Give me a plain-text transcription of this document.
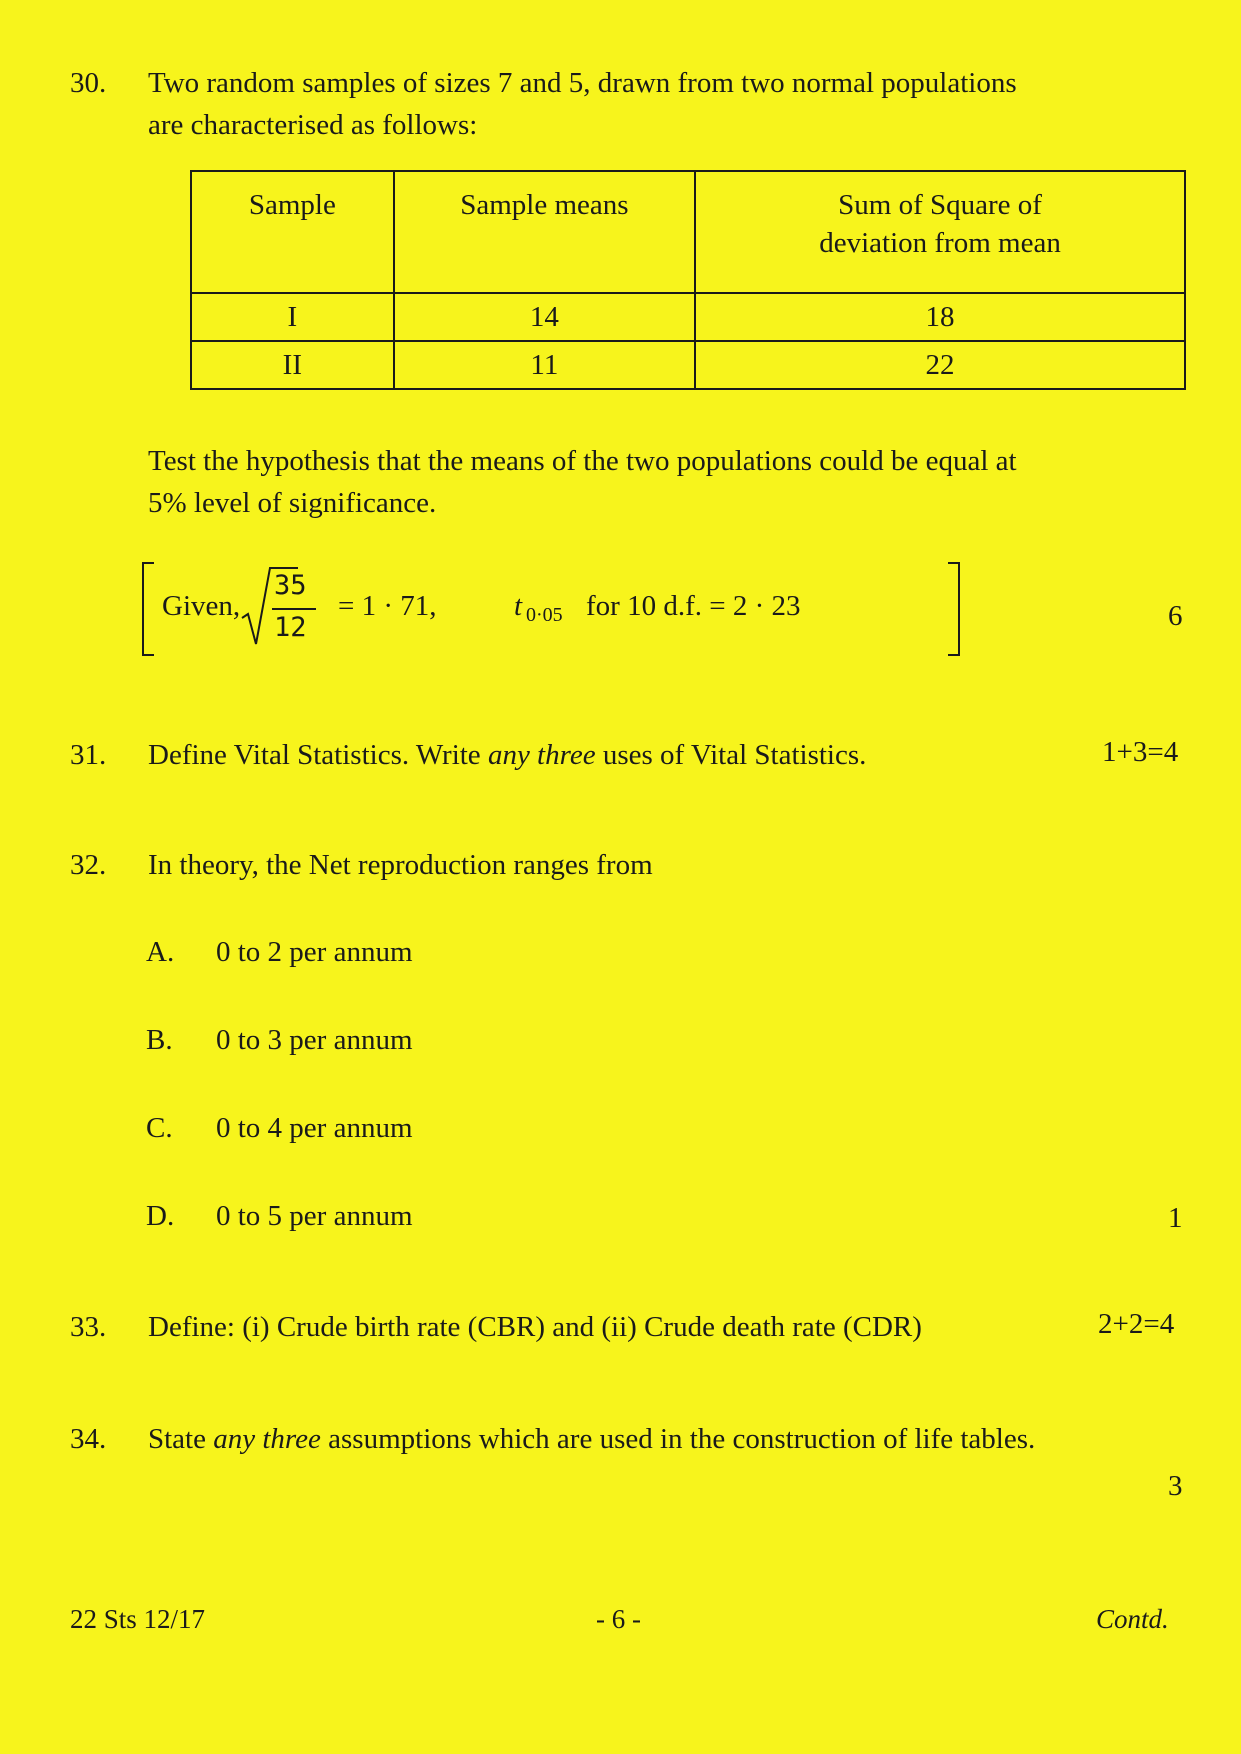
30. Two random samples of sizes 7 and 5, drawn from two normal populations
are characterised as follows:
Sample	Sample means	Sum of Square of
deviation from mean
I	14	18
II	11	22
Test the hypothesis that the means of the two populations could be equal at
5% level of significance.
Given,
35
12
= 1 · 71,	t 0·05 for 10 d.f. = 2 · 23	6
31. Define Vital Statistics. Write any three uses of Vital Statistics.	1+3=4
32. In theory, the Net reproduction ranges from
A. 0 to 2 per annum
B. 0 to 3 per annum
C. 0 to 4 per annum
D. 0 to 5 per annum	1
33. Define: (i) Crude birth rate (CBR) and (ii) Crude death rate (CDR)	2+2=4
34. State any three assumptions which are used in the construction of life tables.
3
22 Sts 12/17	- 6 -	Contd.
